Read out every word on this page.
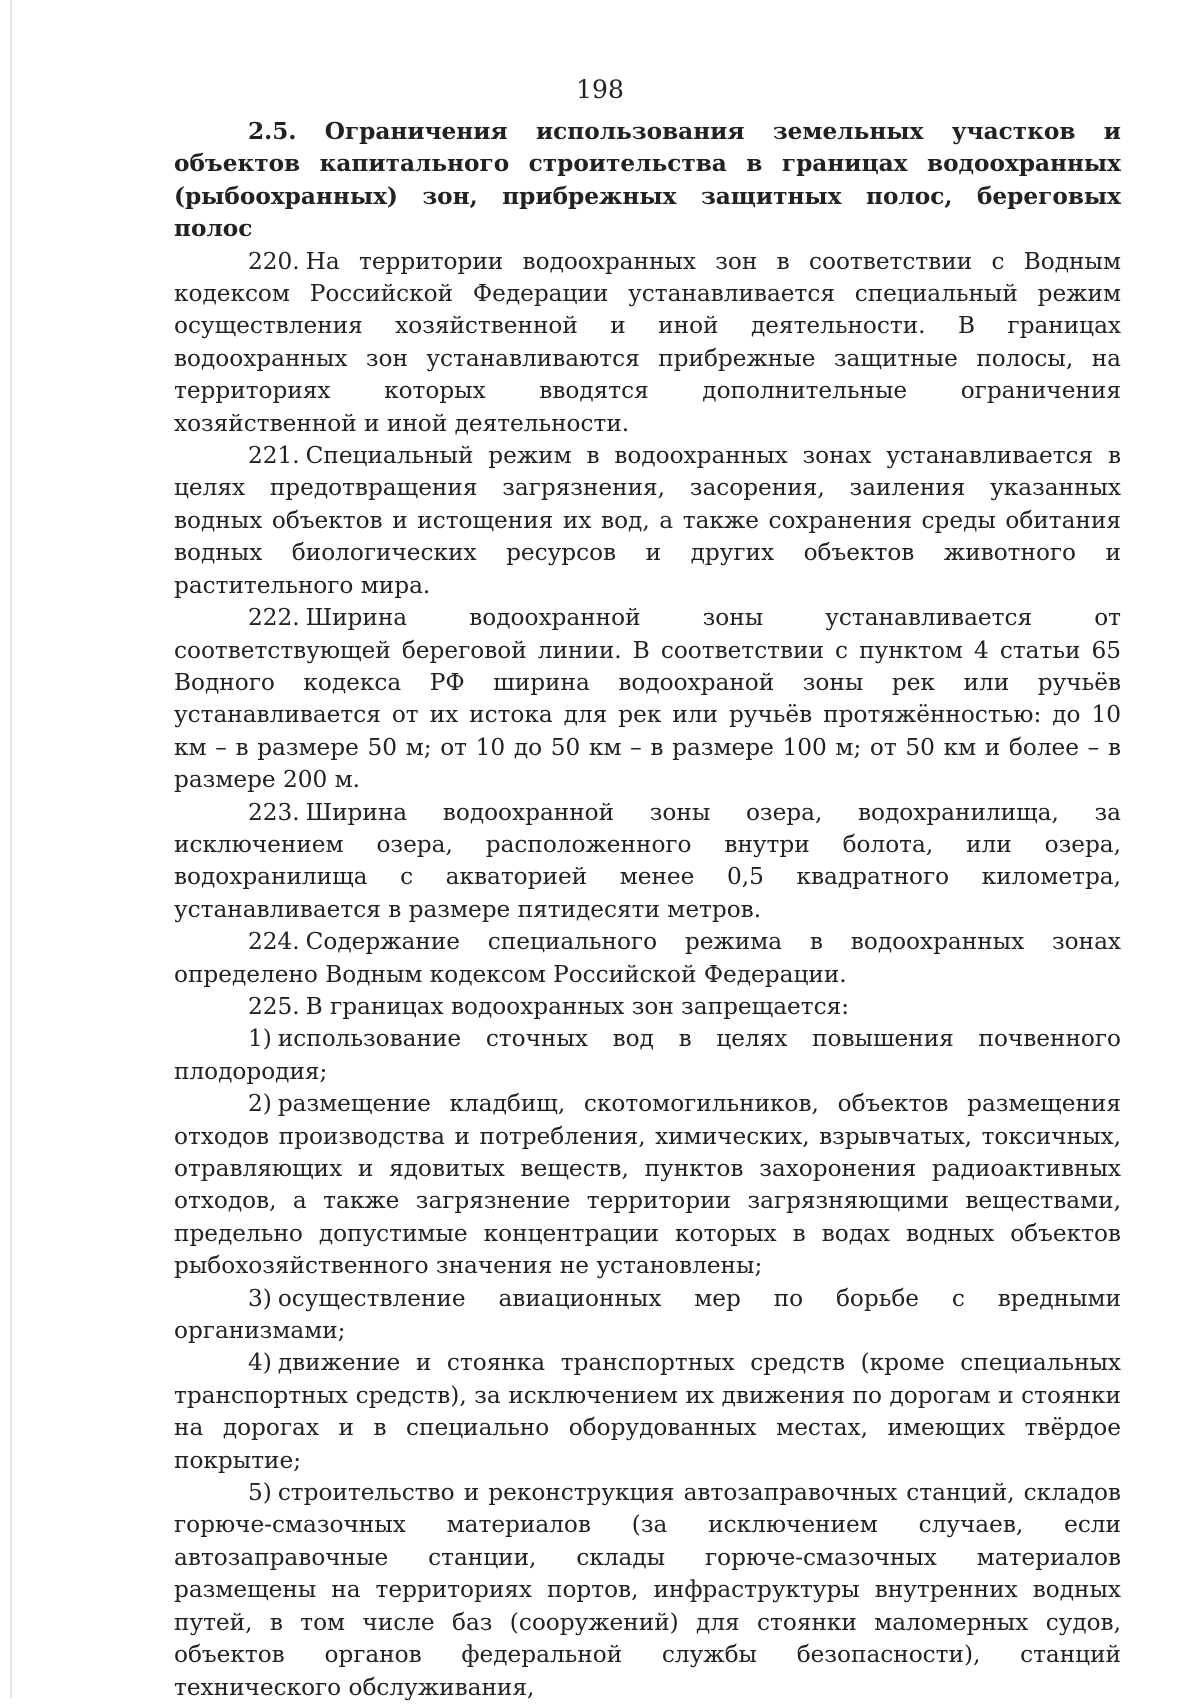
198

2.5. Ограничения использования земельных участков и объектов капитального строительства в границах водоохранных (рыбоохранных) зон, прибрежных защитных полос, береговых полос

220. На территории водоохранных зон в соответствии с Водным кодексом Российской Федерации устанавливается специальный режим осуществления хозяйственной и иной деятельности. В границах водоохранных зон устанавливаются прибрежные защитные полосы, на территориях которых вводятся дополнительные ограничения хозяйственной и иной деятельности.

221. Специальный режим в водоохранных зонах устанавливается в целях предотвращения загрязнения, засорения, заиления указанных водных объектов и истощения их вод, а также сохранения среды обитания водных биологических ресурсов и других объектов животного и растительного мира.

222. Ширина водоохранной зоны устанавливается от соответствующей береговой линии. В соответствии с пунктом 4 статьи 65 Водного кодекса РФ ширина водоохраной зоны рек или ручьёв устанавливается от их истока для рек или ручьёв протяжённостью: до 10 км – в размере 50 м; от 10 до 50 км – в размере 100 м; от 50 км и более – в размере 200 м.

223. Ширина водоохранной зоны озера, водохранилища, за исключением озера, расположенного внутри болота, или озера, водохранилища с акваторией менее 0,5 квадратного километра, устанавливается в размере пятидесяти метров.

224. Содержание специального режима в водоохранных зонах определено Водным кодексом Российской Федерации.

225. В границах водоохранных зон запрещается:

1) использование сточных вод в целях повышения почвенного плодородия;

2) размещение кладбищ, скотомогильников, объектов размещения отходов производства и потребления, химических, взрывчатых, токсичных, отравляющих и ядовитых веществ, пунктов захоронения радиоактивных отходов, а также загрязнение территории загрязняющими веществами, предельно допустимые концентрации которых в водах водных объектов рыбохозяйственного значения не установлены;

3) осуществление авиационных мер по борьбе с вредными организмами;

4) движение и стоянка транспортных средств (кроме специальных транспортных средств), за исключением их движения по дорогам и стоянки на дорогах и в специально оборудованных местах, имеющих твёрдое покрытие;

5) строительство и реконструкция автозаправочных станций, складов горюче-смазочных материалов (за исключением случаев, если автозаправочные станции, склады горюче-смазочных материалов размещены на территориях портов, инфраструктуры внутренних водных путей, в том числе баз (сооружений) для стоянки маломерных судов, объектов органов федеральной службы безопасности), станций технического обслуживания,
